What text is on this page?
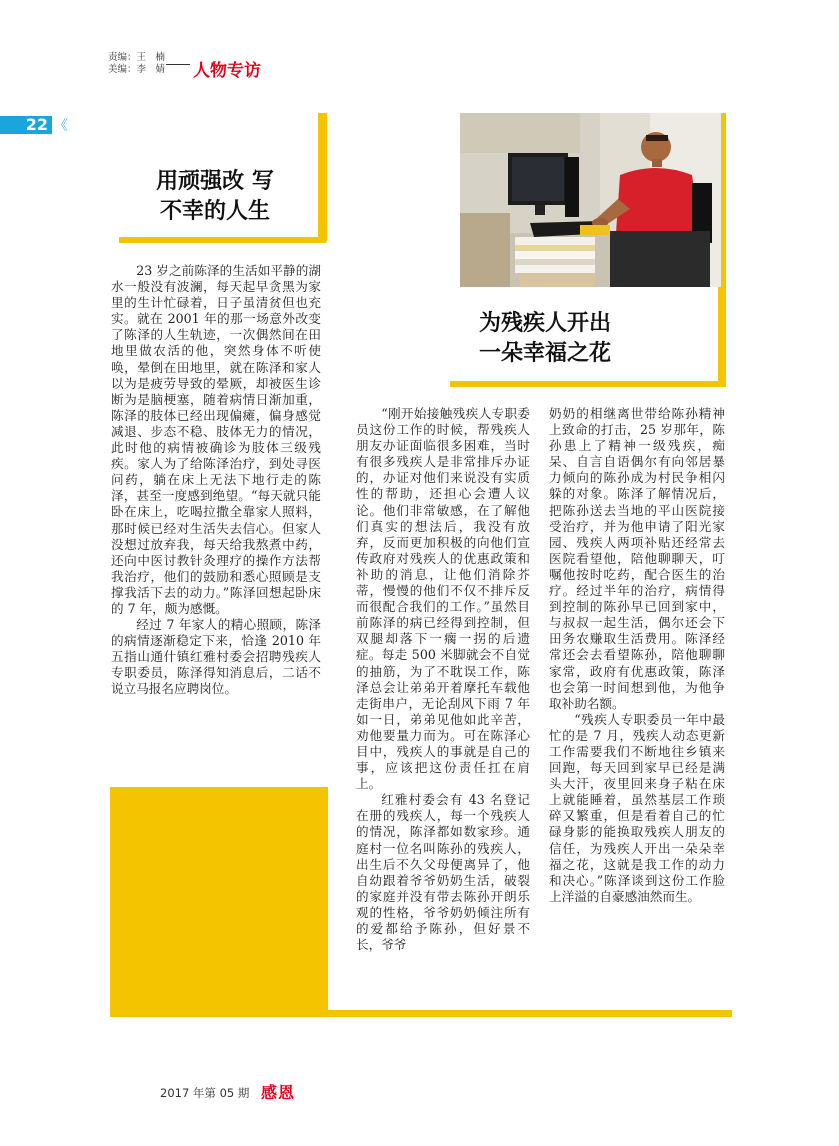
责编：王　楠
美编：李　婧 人物专访
22 《
用顽强改 写
不幸的人生
为残疾人开出
一朵幸福之花

23 岁之前陈泽的生活如平静的湖水一般没有波澜，每天起早贪黑为家里的生计忙碌着，日子虽清贫但也充实。就在 2001 年的那一场意外改变了陈泽的人生轨迹，一次偶然间在田地里做农活的他，突然身体不听使唤，晕倒在田地里，就在陈泽和家人以为是疲劳导致的晕厥，却被医生诊断为是脑梗塞，随着病情日渐加重，陈泽的肢体已经出现偏瘫，偏身感觉减退、步态不稳、肢体无力的情况，此时他的病情被确诊为肢体三级残疾。家人为了给陈泽治疗，到处寻医问药，躺在床上无法下地行走的陈泽，甚至一度感到绝望。“每天就只能卧在床上，吃喝拉撒全靠家人照料，那时候已经对生活失去信心。但家人没想过放弃我，每天给我熬煮中药，还向中医讨教针灸理疗的操作方法帮我治疗，他们的鼓励和悉心照顾是支撑我活下去的动力。”陈泽回想起卧床的 7 年，颇为感慨。

经过 7 年家人的精心照顾，陈泽的病情逐渐稳定下来，恰逢 2010 年五指山通什镇红雅村委会招聘残疾人专职委员，陈泽得知消息后，二话不说立马报名应聘岗位。

“刚开始接触残疾人专职委员这份工作的时候，帮残疾人朋友办证面临很多困难，当时有很多残疾人是非常排斥办证的，办证对他们来说没有实质性的帮助，还担心会遭人议论。他们非常敏感，在了解他们真实的想法后，我没有放弃，反而更加积极的向他们宣传政府对残疾人的优惠政策和补助的消息，让他们消除芥蒂，慢慢的他们不仅不排斥反而很配合我们的工作。”虽然目前陈泽的病已经得到控制，但双腿却落下一瘸一拐的后遗症。每走 500 米脚就会不自觉的抽筋，为了不耽误工作，陈泽总会让弟弟开着摩托车载他走街串户，无论刮风下雨 7 年如一日，弟弟见他如此辛苦，劝他要量力而为。可在陈泽心目中，残疾人的事就是自己的事，应该把这份责任扛在肩上。

红雅村委会有 43 名登记在册的残疾人，每一个残疾人的情况，陈泽都如数家珍。通庭村一位名叫陈孙的残疾人，出生后不久父母便离异了，他自幼跟着爷爷奶奶生活，破裂的家庭并没有带去陈孙开朗乐观的性格，爷爷奶奶倾注所有的爱都给予陈孙，但好景不长，爷爷

奶奶的相继离世带给陈孙精神上致命的打击，25 岁那年，陈孙患上了精神一级残疾，痴呆、自言自语偶尔有向邻居暴力倾向的陈孙成为村民争相闪躲的对象。陈泽了解情况后，把陈孙送去当地的平山医院接受治疗，并为他申请了阳光家园、残疾人两项补贴还经常去医院看望他，陪他聊聊天，叮嘱他按时吃药，配合医生的治疗。经过半年的治疗，病情得到控制的陈孙早已回到家中，与叔叔一起生活，偶尔还会下田务农赚取生活费用。陈泽经常还会去看望陈孙，陪他聊聊家常，政府有优惠政策，陈泽也会第一时间想到他，为他争取补助名额。

“残疾人专职委员一年中最忙的是 7 月，残疾人动态更新工作需要我们不断地往乡镇来回跑，每天回到家早已经是满头大汗，夜里回来身子粘在床上就能睡着，虽然基层工作琐碎又繁重，但是看着自己的忙碌身影的能换取残疾人朋友的信任，为残疾人开出一朵朵幸福之花，这就是我工作的动力和决心。”陈泽谈到这份工作脸上洋溢的自豪感油然而生。

2017 年第 05 期 感恩
